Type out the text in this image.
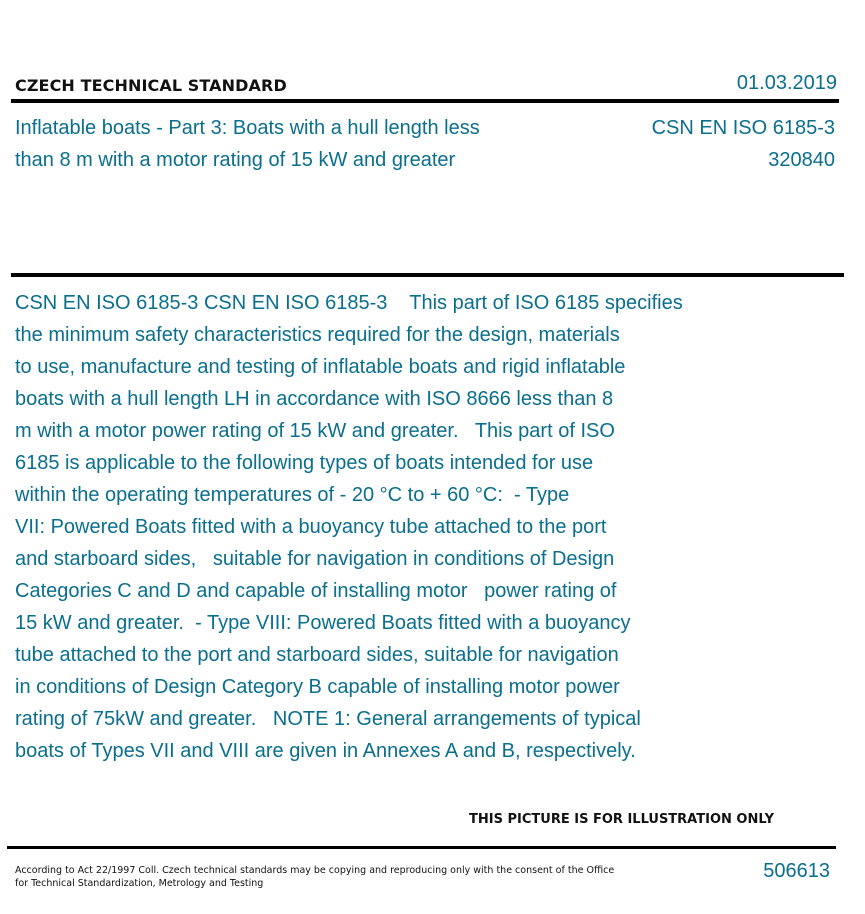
CZECH TECHNICAL STANDARD	01.03.2019
Inflatable boats - Part 3: Boats with a hull length less
than 8 m with a motor rating of 15 kW and greater
CSN EN ISO 6185-3
320840
CSN EN ISO 6185-3 CSN EN ISO 6185-3    This part of ISO 6185 specifies
the minimum safety characteristics required for the design, materials
to use, manufacture and testing of inflatable boats and rigid inflatable
boats with a hull length LH in accordance with ISO 8666 less than 8
m with a motor power rating of 15 kW and greater.   This part of ISO
6185 is applicable to the following types of boats intended for use
within the operating temperatures of - 20 °C to + 60 °C:  - Type
VII: Powered Boats fitted with a buoyancy tube attached to the port
and starboard sides,   suitable for navigation in conditions of Design
Categories C and D and capable of installing motor   power rating of
15 kW and greater.  - Type VIII: Powered Boats fitted with a buoyancy
tube attached to the port and starboard sides, suitable for navigation
in conditions of Design Category B capable of installing motor power
rating of 75kW and greater.   NOTE 1: General arrangements of typical
boats of Types VII and VIII are given in Annexes A and B, respectively.
THIS PICTURE IS FOR ILLUSTRATION ONLY
According to Act 22/1997 Coll. Czech technical standards may be copying and reproducing only with the consent of the Office
for Technical Standardization, Metrology and Testing
506613
